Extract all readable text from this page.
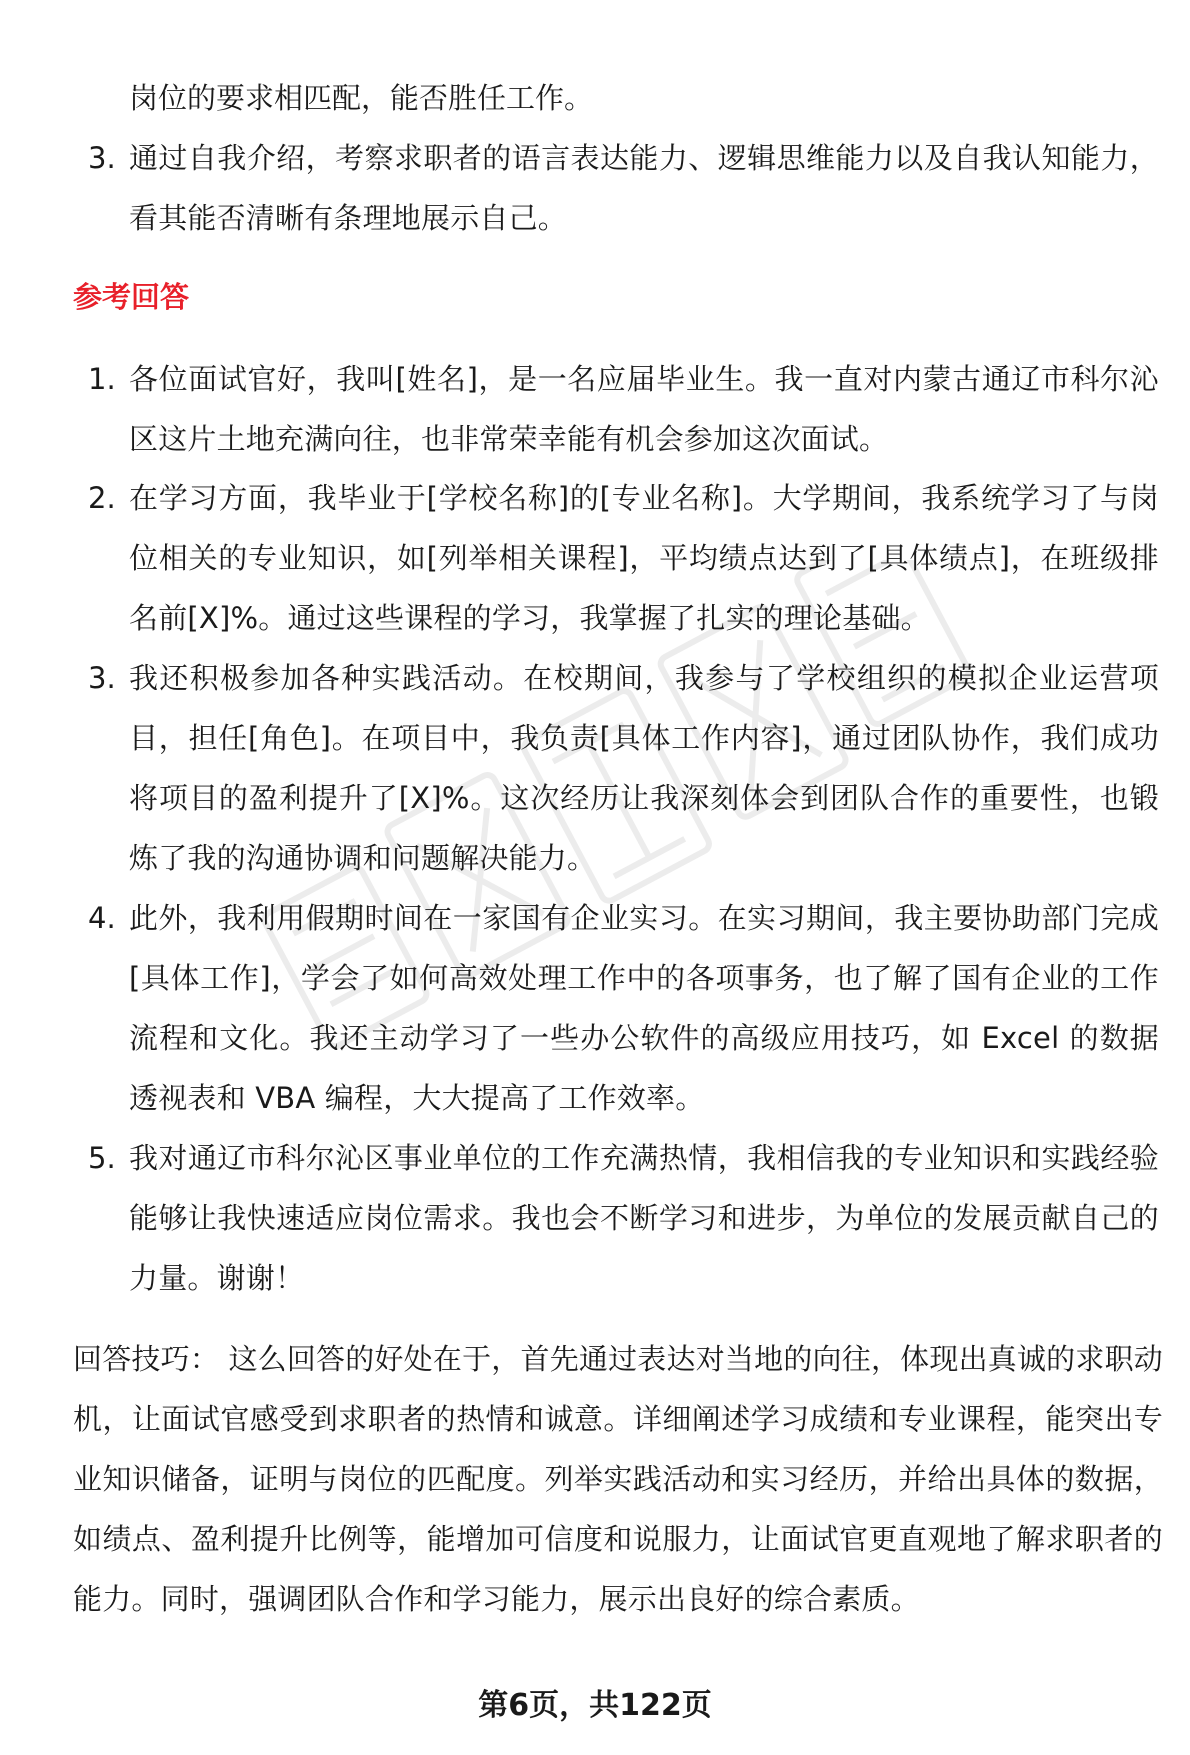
岗位的要求相匹配，能否胜任工作。

3. 通过自我介绍，考察求职者的语言表达能力、逻辑思维能力以及自我认知能力，看其能否清晰有条理地展示自己。

参考回答

1. 各位面试官好，我叫[姓名]，是一名应届毕业生。我一直对内蒙古通辽市科尔沁区这片土地充满向往，也非常荣幸能有机会参加这次面试。

2. 在学习方面，我毕业于[学校名称]的[专业名称]。大学期间，我系统学习了与岗位相关的专业知识，如[列举相关课程]，平均绩点达到了[具体绩点]，在班级排名前[X]%。通过这些课程的学习，我掌握了扎实的理论基础。

3. 我还积极参加各种实践活动。在校期间，我参与了学校组织的模拟企业运营项目，担任[角色]。在项目中，我负责[具体工作内容]，通过团队协作，我们成功将项目的盈利提升了[X]%。这次经历让我深刻体会到团队合作的重要性，也锻炼了我的沟通协调和问题解决能力。

4. 此外，我利用假期时间在一家国有企业实习。在实习期间，我主要协助部门完成[具体工作]，学会了如何高效处理工作中的各项事务，也了解了国有企业的工作流程和文化。我还主动学习了一些办公软件的高级应用技巧，如 Excel 的数据透视表和 VBA 编程，大大提高了工作效率。

5. 我对通辽市科尔沁区事业单位的工作充满热情，我相信我的专业知识和实践经验能够让我快速适应岗位需求。我也会不断学习和进步，为单位的发展贡献自己的力量。谢谢！

回答技巧： 这么回答的好处在于，首先通过表达对当地的向往，体现出真诚的求职动机，让面试官感受到求职者的热情和诚意。详细阐述学习成绩和专业课程，能突出专业知识储备，证明与岗位的匹配度。列举实践活动和实习经历，并给出具体的数据，如绩点、盈利提升比例等，能增加可信度和说服力，让面试官更直观地了解求职者的能力。同时，强调团队合作和学习能力，展示出良好的综合素质。

第6页，共122页
